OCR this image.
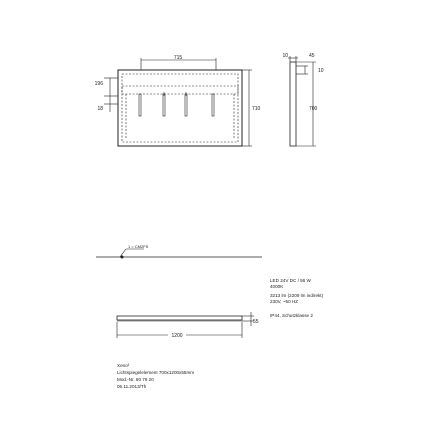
715
196
18	710
10	45
10
700
1 = CM2FS
LED 24V DC / 56 W
4000K
3213 lm (2209 lm indirekt)
230V, ~50 HZ
IP44, Schutzklasse 2
1200
55
Xeno²
Lichtspiegelelement 700x1200x55mm
Mod.-Nr. 80 78 20
06.11.2013/Th
